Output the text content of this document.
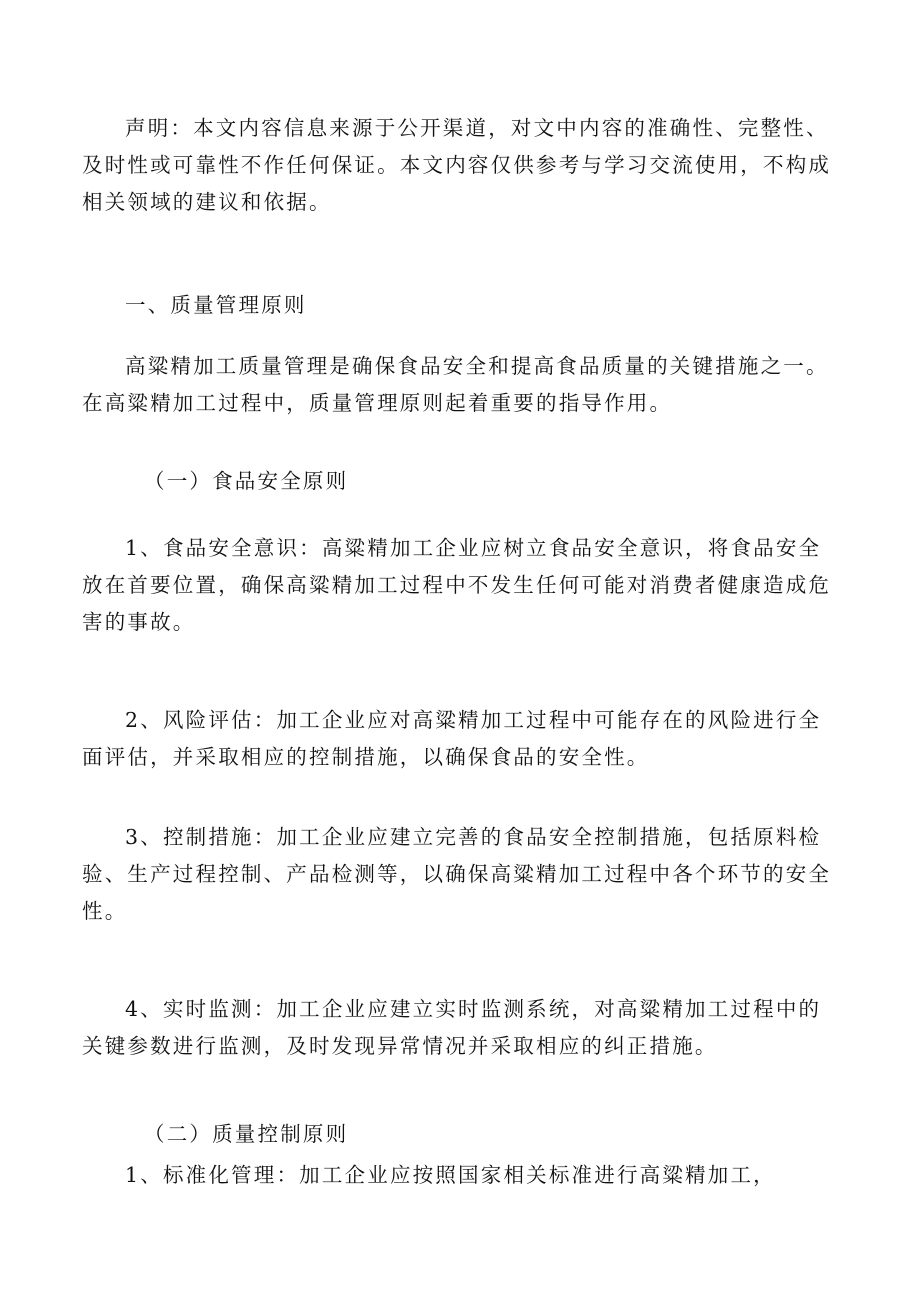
声明：本文内容信息来源于公开渠道，对文中内容的准确性、完整性、
及时性或可靠性不作任何保证。本文内容仅供参考与学习交流使用，不构成
相关领域的建议和依据。

一、质量管理原则

高粱精加工质量管理是确保食品安全和提高食品质量的关键措施之一。
在高粱精加工过程中，质量管理原则起着重要的指导作用。

（一）食品安全原则

1、食品安全意识：高粱精加工企业应树立食品安全意识，将食品安全
放在首要位置，确保高粱精加工过程中不发生任何可能对消费者健康造成危
害的事故。

2、风险评估：加工企业应对高粱精加工过程中可能存在的风险进行全
面评估，并采取相应的控制措施，以确保食品的安全性。

3、控制措施：加工企业应建立完善的食品安全控制措施，包括原料检
验、生产过程控制、产品检测等，以确保高粱精加工过程中各个环节的安全
性。

4、实时监测：加工企业应建立实时监测系统，对高粱精加工过程中的
关键参数进行监测，及时发现异常情况并采取相应的纠正措施。

（二）质量控制原则

1、标准化管理：加工企业应按照国家相关标准进行高粱精加工，
